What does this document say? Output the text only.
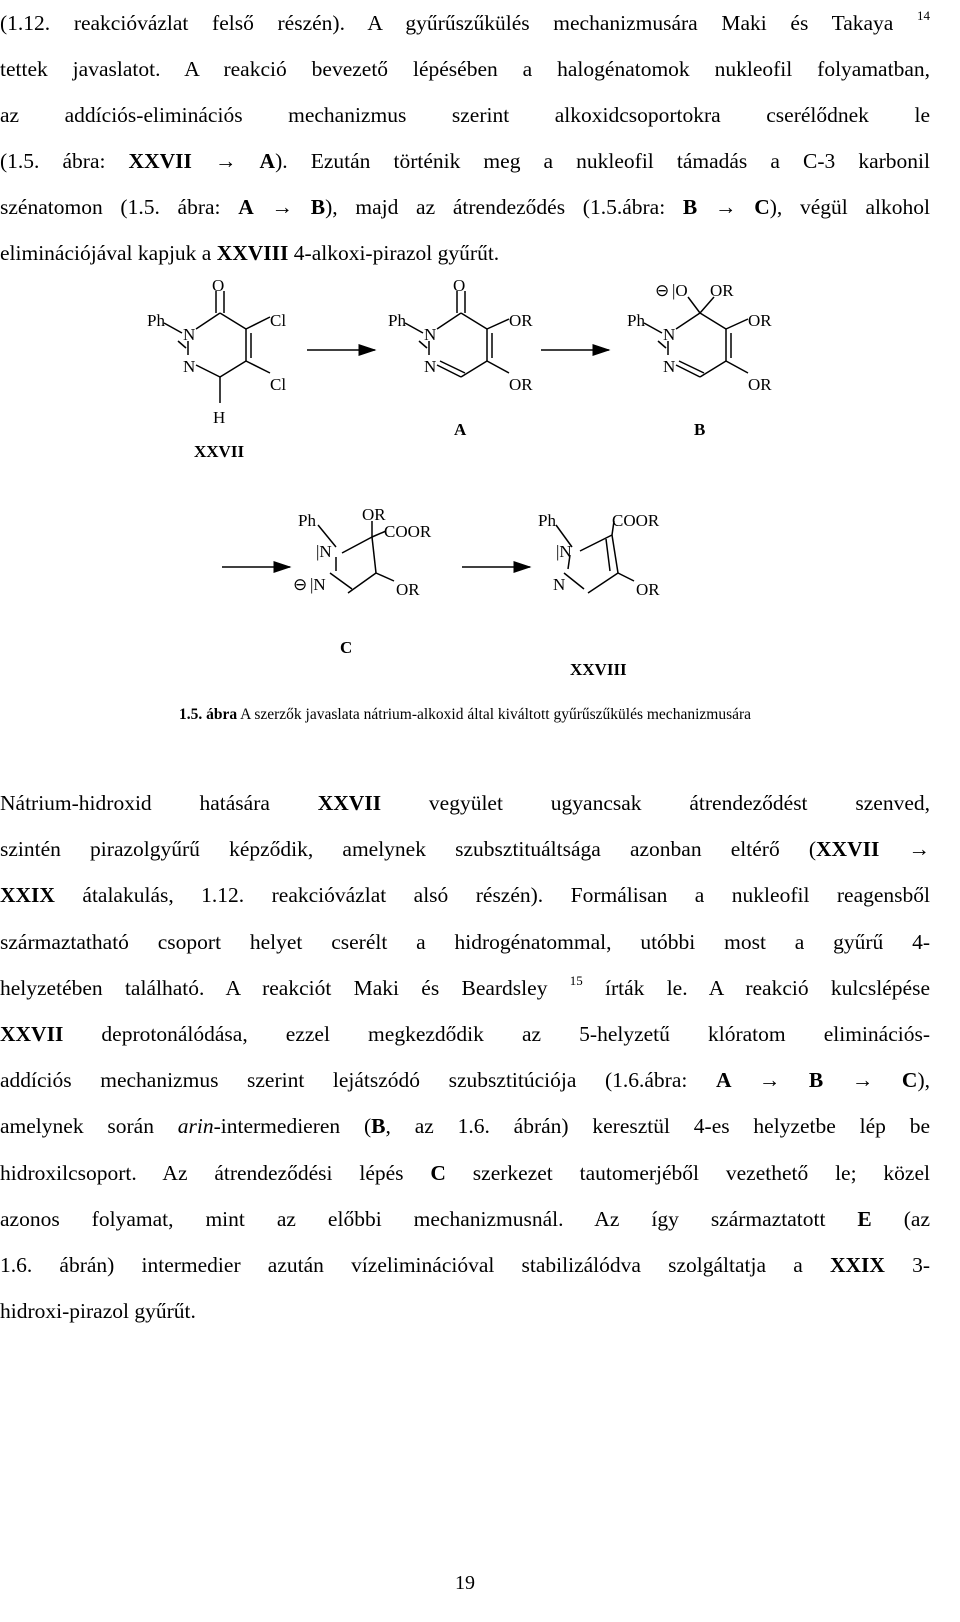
(1.12. reakcióvázlat felső részén). A gyűrűszűkülés mechanizmusára Maki és Takaya $^{14}$
tettek javaslatot. A reakció bevezető lépésében a halogénatomok nukleofil folyamatban,
az addíciós-eliminációs mechanizmus szerint alkoxidcsoportokra cserélődnek le
(1.5. ábra: XXVII → A). Ezután történik meg a nukleofil támadás a C-3 karbonil
szénatomon (1.5. ábra: A → B), majd az átrendeződés (1.5.ábra: B → C), végül alkohol
eliminációjával kapjuk a XXVIII 4-alkoxi-pirazol gyűrűt.
O
Ph
N
N
Cl
Cl
H
XXVII
O
Ph
N
N
OR
OR
A
⊖ |O OR
Ph
N
N
OR
OR
B
Ph	OR
COOR
|N
⊖ |N	OR
C
Ph	COOR
|N
N	OR
XXVIII
1.5. ábra A szerzők javaslata nátrium-alkoxid által kiváltott gyűrűszűkülés mechanizmusára
Nátrium-hidroxid hatására XXVII vegyület ugyancsak átrendeződést szenved,
szintén pirazolgyűrű képződik, amelynek szubsztituáltsága azonban eltérő (XXVII →
XXIX átalakulás, 1.12. reakcióvázlat alsó részén). Formálisan a nukleofil reagensből
származtatható csoport helyet cserélt a hidrogénatommal, utóbbi most a gyűrű 4-
helyzetében található. A reakciót Maki és Beardsley $^{15}$ írták le. A reakció kulcslépése
XXVII deprotonálódása, ezzel megkezdődik az 5-helyzetű klóratom eliminációs-
addíciós mechanizmus szerint lejátszódó szubsztitúciója (1.6.ábra: A → B → C),
amelynek során arin-intermedieren (B, az 1.6. ábrán) keresztül 4-es helyzetbe lép be
hidroxilcsoport. Az átrendeződési lépés C szerkezet tautomerjéből vezethető le; közel
azonos folyamat, mint az előbbi mechanizmusnál. Az így származtatott E (az
1.6. ábrán) intermedier azután vízeliminációval stabilizálódva szolgáltatja a XXIX 3-
hidroxi-pirazol gyűrűt.
19
